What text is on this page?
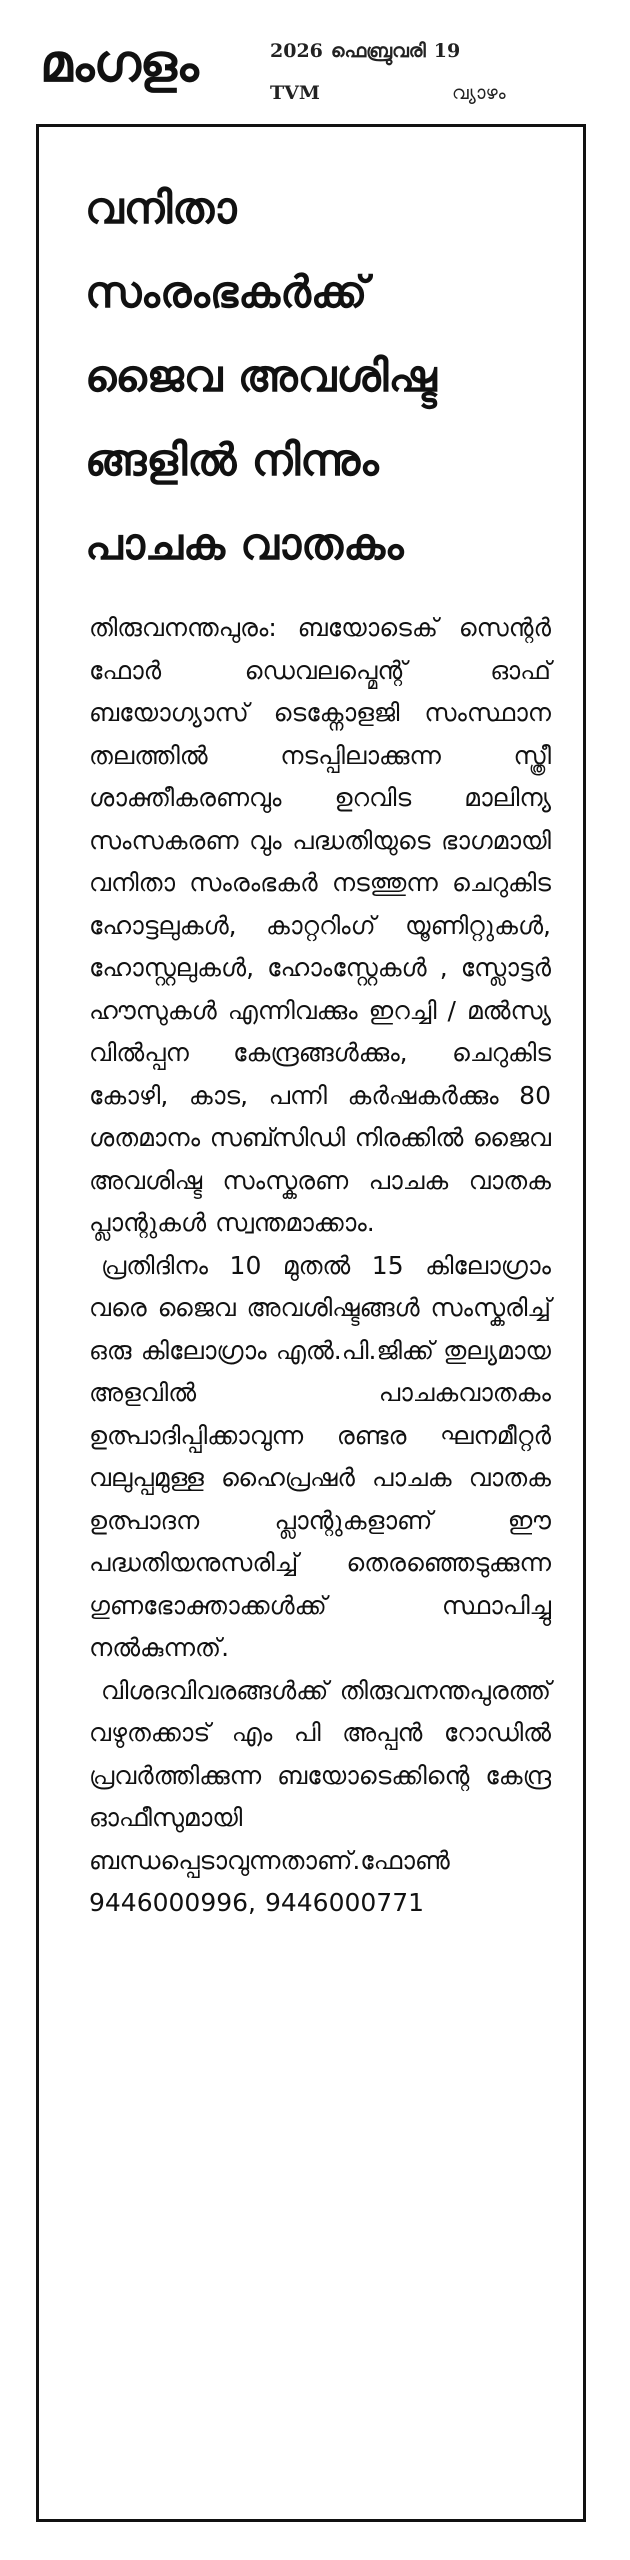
മംഗളം	2026 ഫെബ്രുവരി 19
TVM	വ്യാഴം
വനിതാ
സംരംഭകർക്ക്
ജൈവ അവശിഷ്ട
ങ്ങളിൽ നിന്നും
പാചക വാതകം

തിരുവനന്തപുരം: ബയോടെക് സെന്റർ ഫോർ ഡെവലപ്മെന്റ് ഓഫ് ബയോഗ്യാസ് ടെക്നോളജി സംസ്ഥാന തലത്തിൽ നടപ്പിലാക്കുന്ന സ്ത്രീ ശാക്തീകരണവും ഉറവിട മാലിന്യ സംസകരണ വും പദ്ധതിയുടെ ഭാഗമായി വനിതാ സംരംഭകർ നടത്തുന്ന ചെറുകിട ഹോട്ടലുകൾ, കാറ്ററിംഗ് യൂണിറ്റുകൾ, ഹോസ്റ്റലുകൾ, ഹോംസ്റ്റേകൾ , സ്ലോട്ടർ ഹൗസുകൾ എന്നിവക്കും ഇറച്ചി / മൽസ്യ വിൽപ്പന കേന്ദ്രങ്ങൾക്കും, ചെറുകിട കോഴി, കാട, പന്നി കർഷകർക്കും 80 ശതമാനം സബ്സിഡി നിരക്കിൽ ജൈവ അവശിഷ്ട സംസ്കരണ പാചക വാതക പ്ലാന്റുകൾ സ്വന്തമാക്കാം.

പ്രതിദിനം 10 മുതൽ 15 കിലോഗ്രാം വരെ ജൈവ അവശിഷ്ടങ്ങൾ സംസ്കരിച്ച് ഒരു കിലോഗ്രാം എൽ.പി.ജിക്ക് തുല്യമായ അളവിൽ പാചകവാതകം ഉത്പാദിപ്പിക്കാവുന്ന രണ്ടര ഘനമീറ്റർ വലുപ്പമുള്ള ഹൈപ്രഷർ പാചക വാതക ഉത്പാദന പ്ലാന്റുകളാണ് ഈ പദ്ധതിയനുസരിച്ച് തെരഞ്ഞെടുക്കുന്ന ഗുണഭോക്താക്കൾക്ക് സ്ഥാപിച്ചു നൽകുന്നത്.

വിശദവിവരങ്ങൾക്ക് തിരുവനന്തപുരത്ത് വഴുതക്കാട് എം പി അപ്പൻ റോഡിൽ പ്രവർത്തിക്കുന്ന ബയോടെക്കിന്റെ കേന്ദ്ര ഓഫീസുമായി ബന്ധപ്പെടാവുന്നതാണ്.ഫോൺ 9446000996, 9446000771
